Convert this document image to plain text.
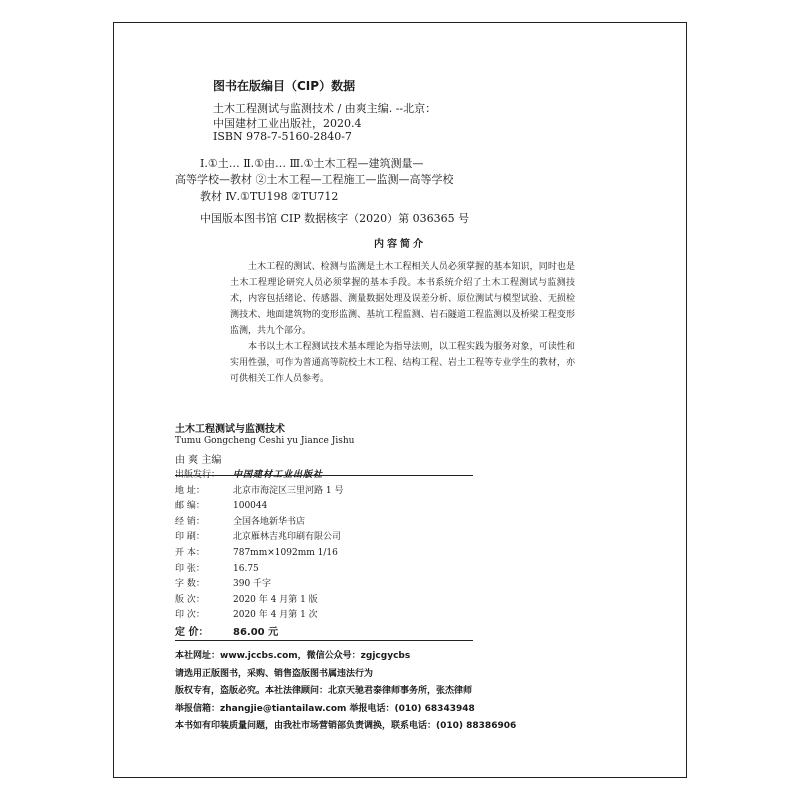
图书在版编目（CIP）数据
土木工程测试与监测技术 / 由爽主编. --北京：
中国建材工业出版社，2020.4
ISBN 978-7-5160-2840-7
Ⅰ.①土… Ⅱ.①由… Ⅲ.①土木工程—建筑测量—
高等学校—教材 ②土木工程—工程施工—监测—高等学校
教材 Ⅳ.①TU198 ②TU712
中国版本图书馆 CIP 数据核字（2020）第 036365 号
内容简介
土木工程的测试、检测与监测是土木工程相关人员必须掌握的基本知识，同时也是土木工程理论研究人员必须掌握的基本手段。本书系统介绍了土木工程测试与监测技术，内容包括绪论、传感器、测量数据处理及误差分析、原位测试与模型试验、无损检测技术、地面建筑物的变形监测、基坑工程监测、岩石隧道工程监测以及桥梁工程变形监测，共九个部分。
本书以土木工程测试技术基本理论为指导法则，以工程实践为服务对象，可读性和实用性强，可作为普通高等院校土木工程、结构工程、岩土工程等专业学生的教材，亦可供相关工作人员参考。
土木工程测试与监测技术
Tumu Gongcheng Ceshi yu Jiance Jishu
由 爽 主编
出版发行： 中国建材工业出版社
地 址：	北京市海淀区三里河路 1 号
邮 编：	100044
经 销：	全国各地新华书店
印 刷：	北京雁林吉兆印刷有限公司
开 本：	787mm×1092mm 1/16
印 张：	16.75
字 数：	390 千字
版 次：	2020 年 4 月第 1 版
印 次：	2020 年 4 月第 1 次
定 价： 86.00 元
本社网址：www.jccbs.com，微信公众号：zgjcgycbs
请选用正版图书，采购、销售盗版图书属违法行为
版权专有，盗版必究。本社法律顾问：北京天驰君泰律师事务所，张杰律师
举报信箱：zhangjie@tiantailaw.com 举报电话：(010) 68343948
本书如有印装质量问题，由我社市场营销部负责调换，联系电话：(010) 88386906
